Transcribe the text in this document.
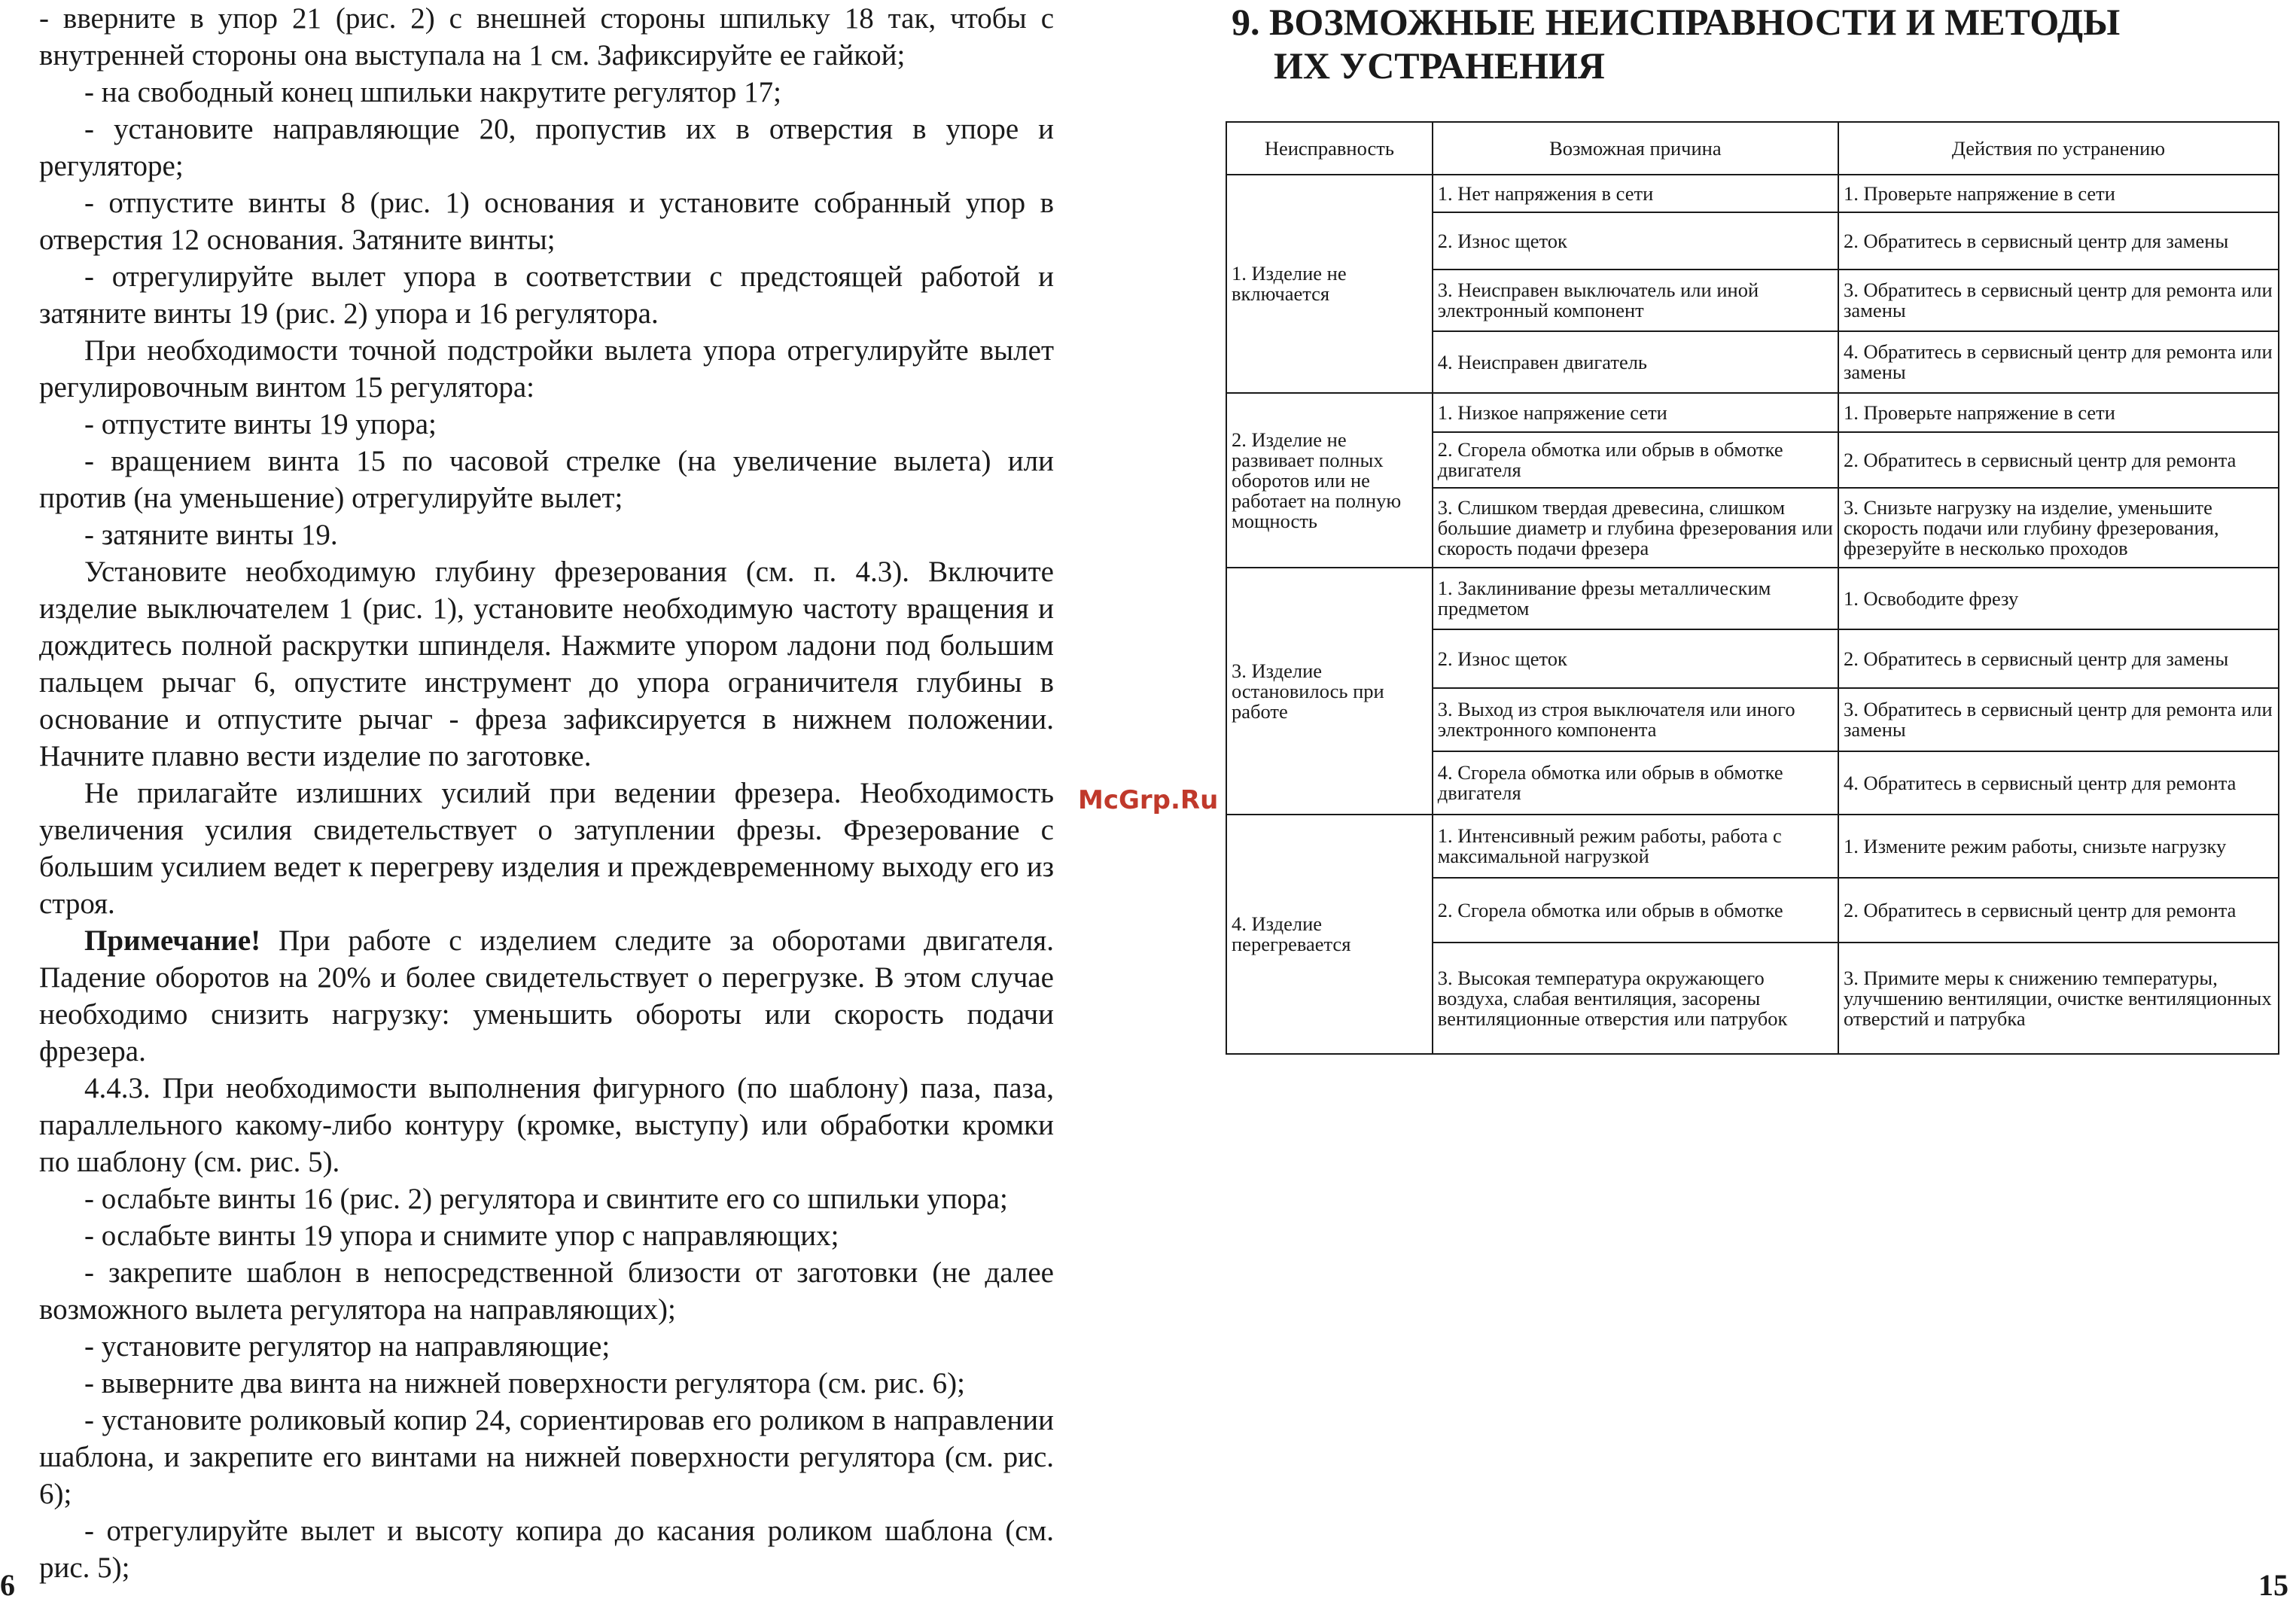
- вверните в упор 21 (рис. 2) с внешней стороны шпильку 18 так, чтобы с внутренней стороны она выступала на 1 см. Зафиксируйте ее гайкой;

- на свободный конец шпильки накрутите регулятор 17;

- установите направляющие 20, пропустив их в отверстия в упоре и регуляторе;

- отпустите винты 8 (рис. 1) основания и установите собранный упор в отверстия 12 основания. Затяните винты;

- отрегулируйте вылет упора в соответствии с предстоящей работой и затяните винты 19 (рис. 2) упора и 16 регулятора.

При необходимости точной подстройки вылета упора отрегулируйте вылет регулировочным винтом 15 регулятора:

- отпустите винты 19 упора;

- вращением винта 15 по часовой стрелке (на увеличение вылета) или против (на уменьшение) отрегулируйте вылет;

- затяните винты 19.

Установите необходимую глубину фрезерования (см. п. 4.3). Включите изделие выключателем 1 (рис. 1), установите необходимую частоту вращения и дождитесь полной раскрутки шпинделя. Нажмите упором ладони под большим пальцем рычаг 6, опустите инструмент до упора ограничителя глубины в основание и отпустите рычаг - фреза зафиксируется в нижнем положении. Начните плавно вести изделие по заготовке.

Не прилагайте излишних усилий при ведении фрезера. Необходимость увеличения усилия свидетельствует о затуплении фрезы. Фрезерование с большим усилием ведет к перегреву изделия и преждевременному выходу его из строя.

Примечание! При работе с изделием следите за оборотами двигателя. Падение оборотов на 20% и более свидетельствует о перегрузке. В этом случае необходимо снизить нагрузку: уменьшить обороты или скорость подачи фрезера.

4.4.3. При необходимости выполнения фигурного (по шаблону) паза, паза, параллельного какому-либо контуру (кромке, выступу) или обработки кромки по шаблону (см. рис. 5).

- ослабьте винты 16 (рис. 2) регулятора и свинтите его со шпильки упора;

- ослабьте винты 19 упора и снимите упор с направляющих;

- закрепите шаблон в непосредственной близости от заготовки (не далее возможного вылета регулятора на направляющих);

- установите регулятор на направляющие;

- выверните два винта на нижней поверхности регулятора (см. рис. 6);

- установите роликовый копир 24, сориентировав его роликом в направлении шаблона, и закрепите его винтами на нижней поверхности регулятора (см. рис. 6);

- отрегулируйте вылет и высоту копира до касания роликом шаблона (см. рис. 5);

6
McGrp.Ru
9. ВОЗМОЖНЫЕ НЕИСПРАВНОСТИ И МЕТОДЫ
ИХ УСТРАНЕНИЯ
Неисправность	Возможная причина	Действия по устранению
1. Изделие не включается	1. Нет напряжения в сети	1. Проверьте напряжение в сети
	2. Износ щеток	2. Обратитесь в сервисный центр для замены
	3. Неисправен выключатель или иной электронный компонент	3. Обратитесь в сервисный центр для ремонта или замены
	4. Неисправен двигатель	4. Обратитесь в сервисный центр для ремонта или замены
2. Изделие не развивает полных оборотов или не работает на полную мощность	1. Низкое напряжение сети	1. Проверьте напряжение в сети
	2. Сгорела обмотка или обрыв в обмотке двигателя	2. Обратитесь в сервисный центр для ремонта
	3. Слишком твердая древесина, слишком большие диаметр и глубина фрезерования или скорость подачи фрезера	3. Снизьте нагрузку на изделие, уменьшите скорость подачи или глубину фрезерования, фрезеруйте в несколько проходов
3. Изделие остановилось при работе	1. Заклинивание фрезы металлическим предметом	1. Освободите фрезу
	2. Износ щеток	2. Обратитесь в сервисный центр для замены
	3. Выход из строя выключателя или иного электронного компонента	3. Обратитесь в сервисный центр для ремонта или замены
	4. Сгорела обмотка или обрыв в обмотке двигателя	4. Обратитесь в сервисный центр для ремонта
4. Изделие перегревается	1. Интенсивный режим работы, работа с максимальной нагрузкой	1. Измените режим работы, снизьте нагрузку
	2. Сгорела обмотка или обрыв в обмотке	2. Обратитесь в сервисный центр для ремонта
	3. Высокая температура окружающего воздуха, слабая вентиляция, засорены вентиляционные отверстия или патрубок	3. Примите меры к снижению температуры, улучшению вентиляции, очистке вентиляционных отверстий и патрубка
15
